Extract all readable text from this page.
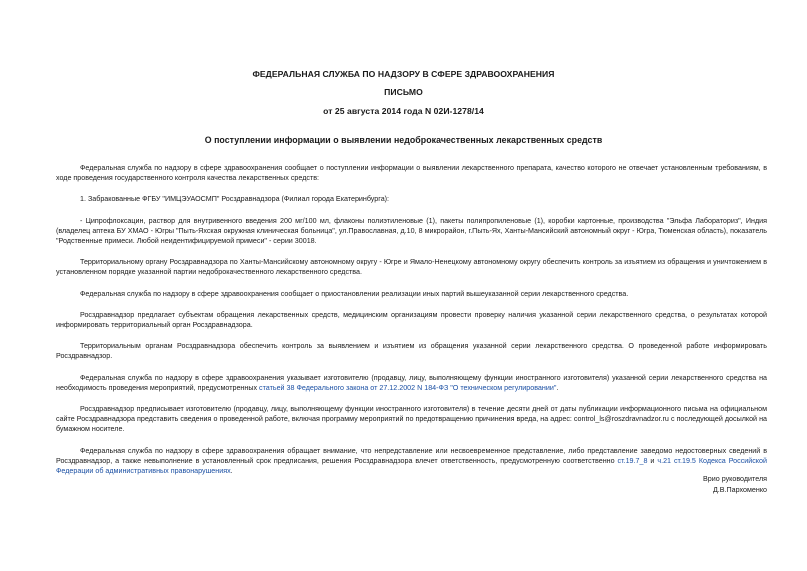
ФЕДЕРАЛЬНАЯ СЛУЖБА ПО НАДЗОРУ В СФЕРЕ ЗДРАВООХРАНЕНИЯ
ПИСЬМО
от 25 августа 2014 года N 02И-1278/14
О поступлении информации о выявлении недоброкачественных лекарственных средств

Федеральная служба по надзору в сфере здравоохранения сообщает о поступлении информации о выявлении лекарственного препарата, качество которого не отвечает установленным требованиям, в ходе проведения государственного контроля качества лекарственных средств:

1. Забракованные ФГБУ "ИМЦЭУАОСМП" Росздравнадзора (Филиал города Екатеринбурга):

- Ципрофлоксацин, раствор для внутривенного введения 200 мг/100 мл, флаконы полиэтиленовые (1), пакеты полипропиленовые (1), коробки картонные, производства "Эльфа Лабораториз", Индия (владелец аптека БУ ХМАО - Югры "Пыть-Яхская окружная клиническая больница", ул.Православная, д.10, 8 микрорайон, г.Пыть-Ях, Ханты-Мансийский автономный округ - Югра, Тюменская область), показатель "Родственные примеси. Любой неидентифицируемой примеси" - серии 30018.

Территориальному органу Росздравнадзора по Ханты-Мансийскому автономному округу - Югре и Ямало-Ненецкому автономному округу обеспечить контроль за изъятием из обращения и уничтожением в установленном порядке указанной партии недоброкачественного лекарственного средства.

Федеральная служба по надзору в сфере здравоохранения сообщает о приостановлении реализации иных партий вышеуказанной серии лекарственного средства.

Росздравнадзор предлагает субъектам обращения лекарственных средств, медицинским организациям провести проверку наличия указанной серии лекарственного средства, о результатах которой информировать территориальный орган Росздравнадзора.

Территориальным органам Росздравнадзора обеспечить контроль за выявлением и изъятием из обращения указанной серии лекарственного средства. О проведенной работе информировать Росздравнадзор.

Федеральная служба по надзору в сфере здравоохранения указывает изготовителю (продавцу, лицу, выполняющему функции иностранного изготовителя) указанной серии лекарственного средства на необходимость проведения мероприятий, предусмотренных статьей 38 Федерального закона от 27.12.2002 N 184-ФЗ "О техническом регулировании".

Росздравнадзор предписывает изготовителю (продавцу, лицу, выполняющему функции иностранного изготовителя) в течение десяти дней от даты публикации информационного письма на официальном сайте Росздравнадзора представить сведения о проведенной работе, включая программу мероприятий по предотвращению причинения вреда, на адрес: control_ls@roszdravnadzor.ru с последующей досылкой на бумажном носителе.

Федеральная служба по надзору в сфере здравоохранения обращает внимание, что непредставление или несвоевременное представление, либо представление заведомо недостоверных сведений в Росздравнадзор, а также невыполнение в установленный срок предписания, решения Росздравнадзора влечет ответственность, предусмотренную соответственно ст.19.7_8 и ч.21 ст.19.5 Кодекса Российской Федерации об административных правонарушениях.

Врио руководителя
Д.В.Пархоменко
